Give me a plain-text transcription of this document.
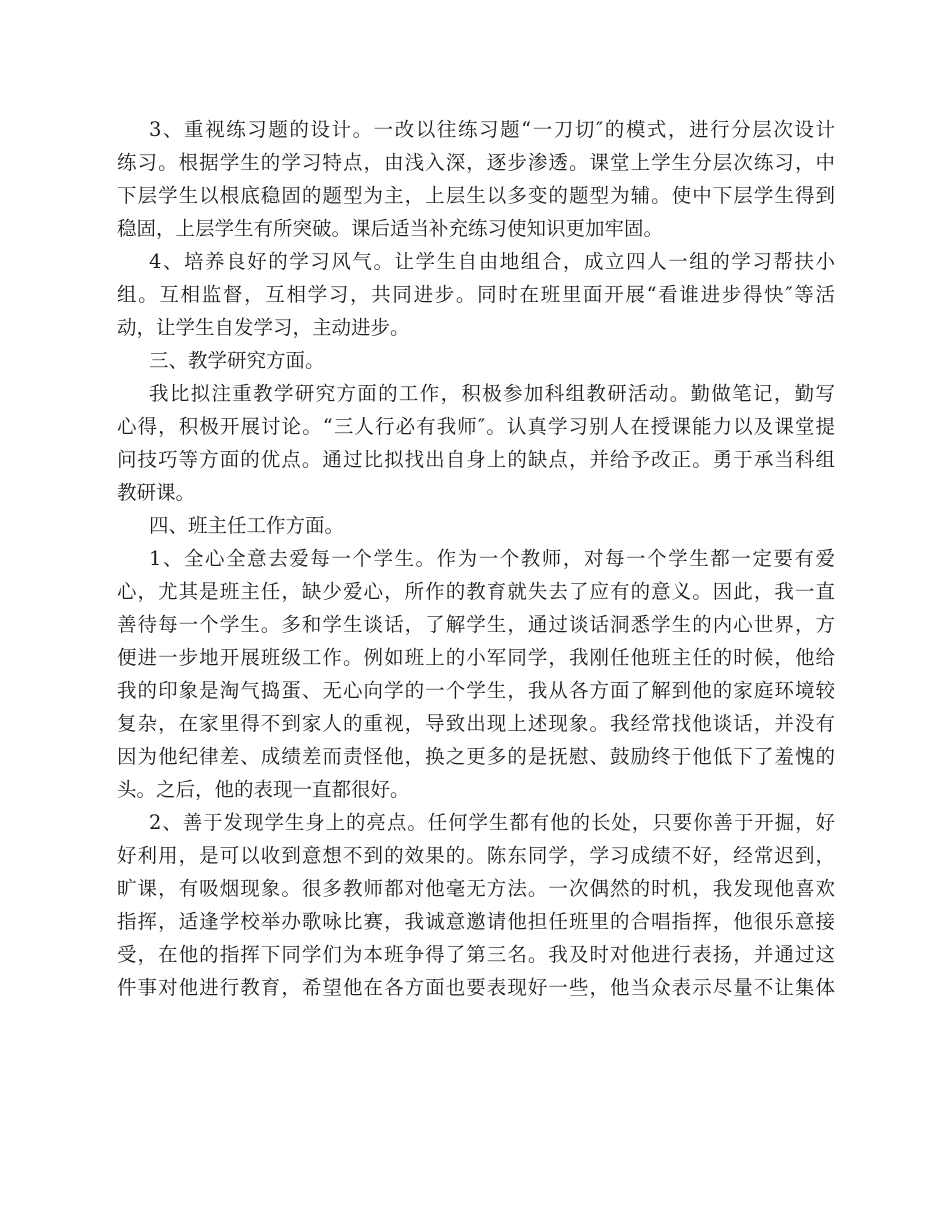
3、重视练习题的设计。一改以往练习题“一刀切″的模式，进行分层次设计
练习。根据学生的学习特点，由浅入深，逐步渗透。课堂上学生分层次练习，中
下层学生以根底稳固的题型为主，上层生以多变的题型为辅。使中下层学生得到
稳固，上层学生有所突破。课后适当补充练习使知识更加牢固。
4、培养良好的学习风气。让学生自由地组合，成立四人一组的学习帮扶小
组。互相监督，互相学习，共同进步。同时在班里面开展“看谁进步得快″等活
动，让学生自发学习，主动进步。
三、教学研究方面。
我比拟注重教学研究方面的工作，积极参加科组教研活动。勤做笔记，勤写
心得，积极开展讨论。“三人行必有我师″。认真学习别人在授课能力以及课堂提
问技巧等方面的优点。通过比拟找出自身上的缺点，并给予改正。勇于承当科组
教研课。
四、班主任工作方面。
1、全心全意去爱每一个学生。作为一个教师，对每一个学生都一定要有爱
心，尤其是班主任，缺少爱心，所作的教育就失去了应有的意义。因此，我一直
善待每一个学生。多和学生谈话，了解学生，通过谈话洞悉学生的内心世界，方
便进一步地开展班级工作。例如班上的小军同学，我刚任他班主任的时候，他给
我的印象是淘气捣蛋、无心向学的一个学生，我从各方面了解到他的家庭环境较
复杂，在家里得不到家人的重视，导致出现上述现象。我经常找他谈话，并没有
因为他纪律差、成绩差而责怪他，换之更多的是抚慰、鼓励终于他低下了羞愧的
头。之后，他的表现一直都很好。
2、善于发现学生身上的亮点。任何学生都有他的长处，只要你善于开掘，好
好利用，是可以收到意想不到的效果的。陈东同学，学习成绩不好，经常迟到，
旷课，有吸烟现象。很多教师都对他毫无方法。一次偶然的时机，我发现他喜欢
指挥，适逢学校举办歌咏比赛，我诚意邀请他担任班里的合唱指挥，他很乐意接
受，在他的指挥下同学们为本班争得了第三名。我及时对他进行表扬，并通过这
件事对他进行教育，希望他在各方面也要表现好一些，他当众表示尽量不让集体
